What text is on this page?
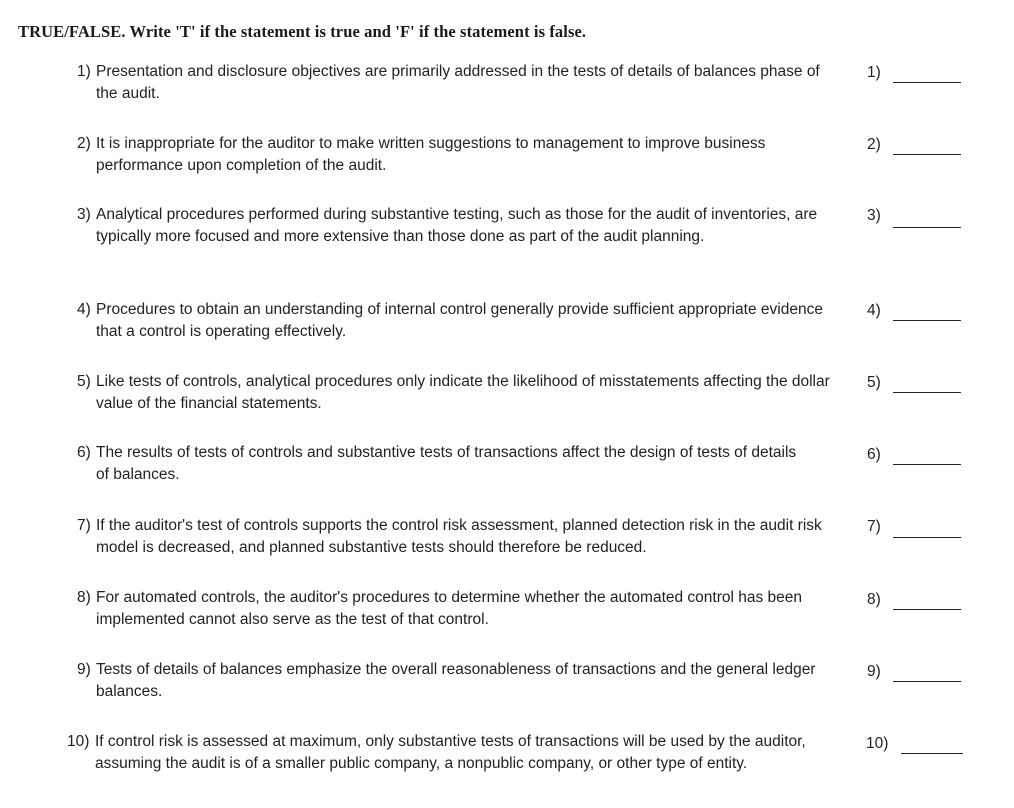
TRUE/FALSE. Write 'T' if the statement is true and 'F' if the statement is false.
1) Presentation and disclosure objectives are primarily addressed in the tests of details of balances phase of the audit.
1)
2) It is inappropriate for the auditor to make written suggestions to management to improve business performance upon completion of the audit.
2)
3) Analytical procedures performed during substantive testing, such as those for the audit of inventories, are typically more focused and more extensive than those done as part of the audit planning.
3)
4) Procedures to obtain an understanding of internal control generally provide sufficient appropriate evidence that a control is operating effectively.
4)
5) Like tests of controls, analytical procedures only indicate the likelihood of misstatements affecting the dollar value of the financial statements.
5)
6) The results of tests of controls and substantive tests of transactions affect the design of tests of details of balances.
6)
7) If the auditor's test of controls supports the control risk assessment, planned detection risk in the audit risk model is decreased, and planned substantive tests should therefore be reduced.
7)
8) For automated controls, the auditor's procedures to determine whether the automated control has been implemented cannot also serve as the test of that control.
8)
9) Tests of details of balances emphasize the overall reasonableness of transactions and the general ledger balances.
9)
10) If control risk is assessed at maximum, only substantive tests of transactions will be used by the auditor, assuming the audit is of a smaller public company, a nonpublic company, or other type of entity.
10)
